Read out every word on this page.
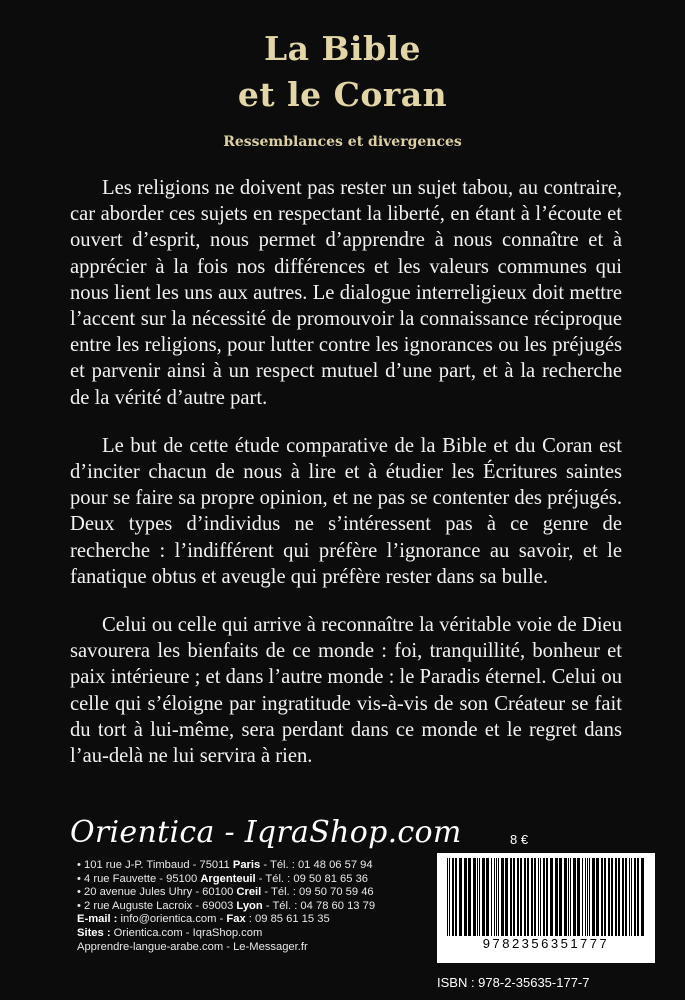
La Bible
et le Coran
Ressemblances et divergences

Les religions ne doivent pas rester un sujet tabou, au contraire, car aborder ces sujets en respectant la liberté, en étant à l’écoute et ouvert d’esprit, nous permet d’apprendre à nous connaître et à apprécier à la fois nos différences et les valeurs communes qui nous lient les uns aux autres. Le dialogue interreligieux doit mettre l’accent sur la nécessité de promouvoir la connaissance réciproque entre les religions, pour lutter contre les ignorances ou les préjugés et parvenir ainsi à un respect mutuel d’une part, et à la recherche de la vérité d’autre part.

Le but de cette étude comparative de la Bible et du Coran est d’inciter chacun de nous à lire et à étudier les Écritures saintes pour se faire sa propre opinion, et ne pas se contenter des préjugés. Deux types d’individus ne s’intéressent pas à ce genre de recherche : l’indifférent qui préfère l’ignorance au savoir, et le fanatique obtus et aveugle qui préfère rester dans sa bulle.

Celui ou celle qui arrive à reconnaître la véritable voie de Dieu savourera les bienfaits de ce monde : foi, tranquillité, bonheur et paix intérieure ; et dans l’autre monde : le Paradis éternel. Celui ou celle qui s’éloigne par ingratitude vis-à-vis de son Créateur se fait du tort à lui-même, sera perdant dans ce monde et le regret dans l’au-delà ne lui servira à rien.

Orientica - IqraShop.com	8 €
• 101 rue J-P. Timbaud - 75011 Paris - Tél. : 01 48 06 57 94
• 4 rue Fauvette - 95100 Argenteuil - Tél. : 09 50 81 65 36
• 20 avenue Jules Uhry - 60100 Creil - Tél. : 09 50 70 59 46
• 2 rue Auguste Lacroix - 69003 Lyon - Tél. : 04 78 60 13 79
E-mail : info@orientica.com - Fax : 09 85 61 15 35
Sites : Orientica.com - IqraShop.com
Apprendre-langue-arabe.com - Le-Messager.fr	9782356351777
ISBN : 978-2-35635-177-7
